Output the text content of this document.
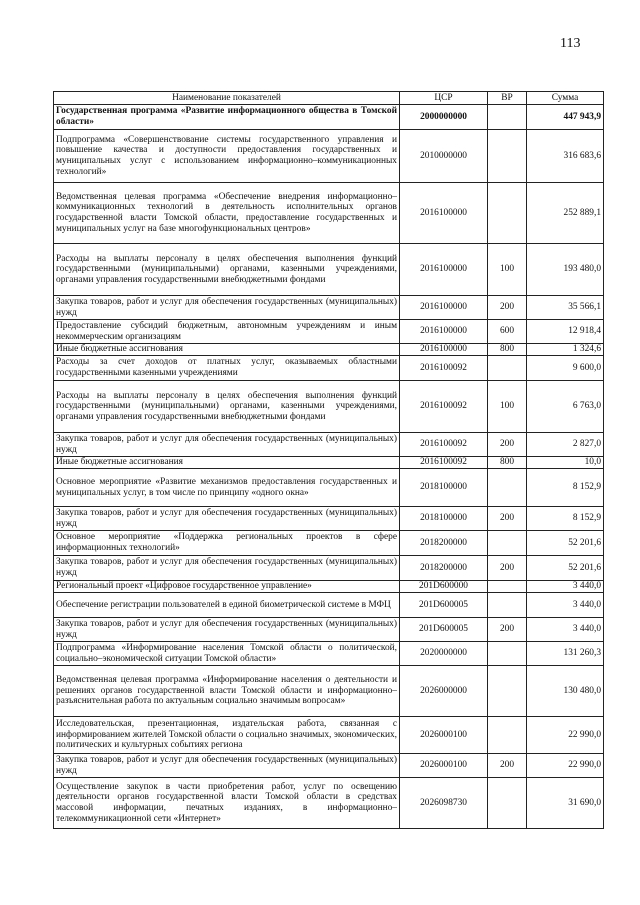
113
Наименование показателей	ЦСР	ВР	Сумма
Государственная программа «Развитие информационного общества в Томской области»	2000000000		447 943,9
Подпрограмма «Совершенствование системы государственного управления и повышение качества и доступности предоставления государственных и муниципальных услуг с использованием информационно–коммуникационных технологий»	2010000000		316 683,6
Ведомственная целевая программа «Обеспечение внедрения информационно–коммуникационных технологий в деятельность исполнительных органов государственной власти Томской области, предоставление государственных и муниципальных услуг на базе многофункциональных центров»	2016100000		252 889,1
Расходы на выплаты персоналу в целях обеспечения выполнения функций государственными (муниципальными) органами, казенными учреждениями, органами управления государственными внебюджетными фондами	2016100000	100	193 480,0
Закупка товаров, работ и услуг для обеспечения государственных (муниципальных) нужд	2016100000	200	35 566,1
Предоставление субсидий бюджетным, автономным учреждениям и иным некоммерческим организациям	2016100000	600	12 918,4
Иные бюджетные ассигнования	2016100000	800	1 324,6
Расходы за счет доходов от платных услуг, оказываемых областными государственными казенными учреждениями	2016100092		9 600,0
Расходы на выплаты персоналу в целях обеспечения выполнения функций государственными (муниципальными) органами, казенными учреждениями, органами управления государственными внебюджетными фондами	2016100092	100	6 763,0
Закупка товаров, работ и услуг для обеспечения государственных (муниципальных) нужд	2016100092	200	2 827,0
Иные бюджетные ассигнования	2016100092	800	10,0
Основное мероприятие «Развитие механизмов предоставления государственных и муниципальных услуг, в том числе по принципу «одного окна»	2018100000		8 152,9
Закупка товаров, работ и услуг для обеспечения государственных (муниципальных) нужд	2018100000	200	8 152,9
Основное мероприятие «Поддержка региональных проектов в сфере информационных технологий»	2018200000		52 201,6
Закупка товаров, работ и услуг для обеспечения государственных (муниципальных) нужд	2018200000	200	52 201,6
Региональный проект «Цифровое государственное управление»	201D600000		3 440,0
Обеспечение регистрации пользователей в единой биометрической системе в МФЦ	201D600005		3 440,0
Закупка товаров, работ и услуг для обеспечения государственных (муниципальных) нужд	201D600005	200	3 440,0
Подпрограмма «Информирование населения Томской области о политической, социально–экономической ситуации Томской области»	2020000000		131 260,3
Ведомственная целевая программа «Информирование населения о деятельности и решениях органов государственной власти Томской области и информационно–разъяснительная работа по актуальным социально значимым вопросам»	2026000000		130 480,0
Исследовательская, презентационная, издательская работа, связанная с информированием жителей Томской области о социально значимых, экономических, политических и культурных событиях региона	2026000100		22 990,0
Закупка товаров, работ и услуг для обеспечения государственных (муниципальных) нужд	2026000100	200	22 990,0
Осуществление закупок в части приобретения работ, услуг по освещению деятельности органов государственной власти Томской области в средствах массовой информации, печатных изданиях, в информационно–телекоммуникационной сети «Интернет»	2026098730		31 690,0
